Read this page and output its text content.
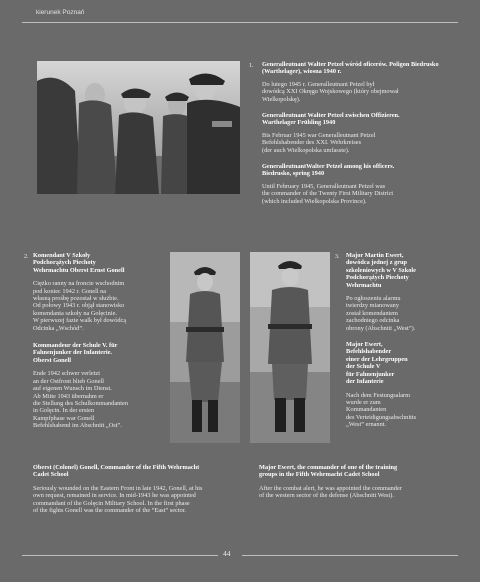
kierunek Poznań
1. Generalleutnant Walter Petzel wśród oficerów. Poligon Biedrusko (Warthelager), wiosna 1940 r.

Do lutego 1945 r. Generalleutnant Petzel był
dowódcą XXI Okręgu Wojskowego (który obejmował
Wielkopolskę).

Generalleutnant Walter Petzel zwischen Offizieren.
Warthelager Frühling 1940

Bis Februar 1945 war Generalleutnant Petzel
Befehlshabender des XXI. Wehrkreises
(der auch Wielkopolska umfasste).

GeneralleutnantWalter Petzel among his officers.
Biedrusko, spring 1940

Until February 1945, Generalleutnant Petzel was
the commander of the Twenty First Military District
(which included Wielkopolska Province).

2. Komendant V Szkoły
Podchorążych Piechoty
Wehrmachtu Oberst Ernst Gonell

Ciężko ranny na froncie wschodnim
pod koniec 1942 r. Gonell na
własną prośbę pozostał w służbie.
Od połowy 1943 r. objął stanowisko
komendanta szkoły na Golęcinie.
W pierwszej fazie walk był dowódcą
Odcinka „Wschód”.

Kommandeur der Schule V. für
Fahnenjunker der Infanterie.
Oberst Gonell

Ende 1942 schwer verletzt
an der Ostfront blieb Gonell
auf eigenen Wunsch im Dienst.
Ab Mitte 1943 übernahm er
die Stellung des Schulkommandanten
in Golęcin. In der ersten
Kampfphase war Gonell
Befehlshabend im Abschnitt „Ost”.

3. Major Martin Ewert,
dowódca jednej z grup
szkoleniowych w V Szkole
Podchorążych Piechoty
Wehrmachtu

Po ogłoszeniu alarmu
twierdzy mianowany
został komendantem
zachodniego odcinka
obrony (Abschnitt „West”).

Major Ewert,
Befehlshabender
einer der Lehrgruppen
der Schule V
für Fahnenjunker
der Infanterie

Nach dem Festungsalarm
wurde er zum
Kommandanten
des Verteidigungsabschnitts
„West” ernannt.

Oberst (Colonel) Gonell, Commander of the Fifth Wehrmacht
Cadet School

Seriously wounded on the Eastern Front in late 1942, Gonell, at his
own request, remained in service. In mid-1943 he was appointed
commandant of the Golęcin Military School. In the first phase
of the fights Gonell was the commander of the “East” sector.

Major Ewert, the commander of one of the training
groups in the Fifth Wehrmacht Cadet School

After the combat alert, he was appointed the commander
of the western sector of the defense (Abschnitt West).

44
